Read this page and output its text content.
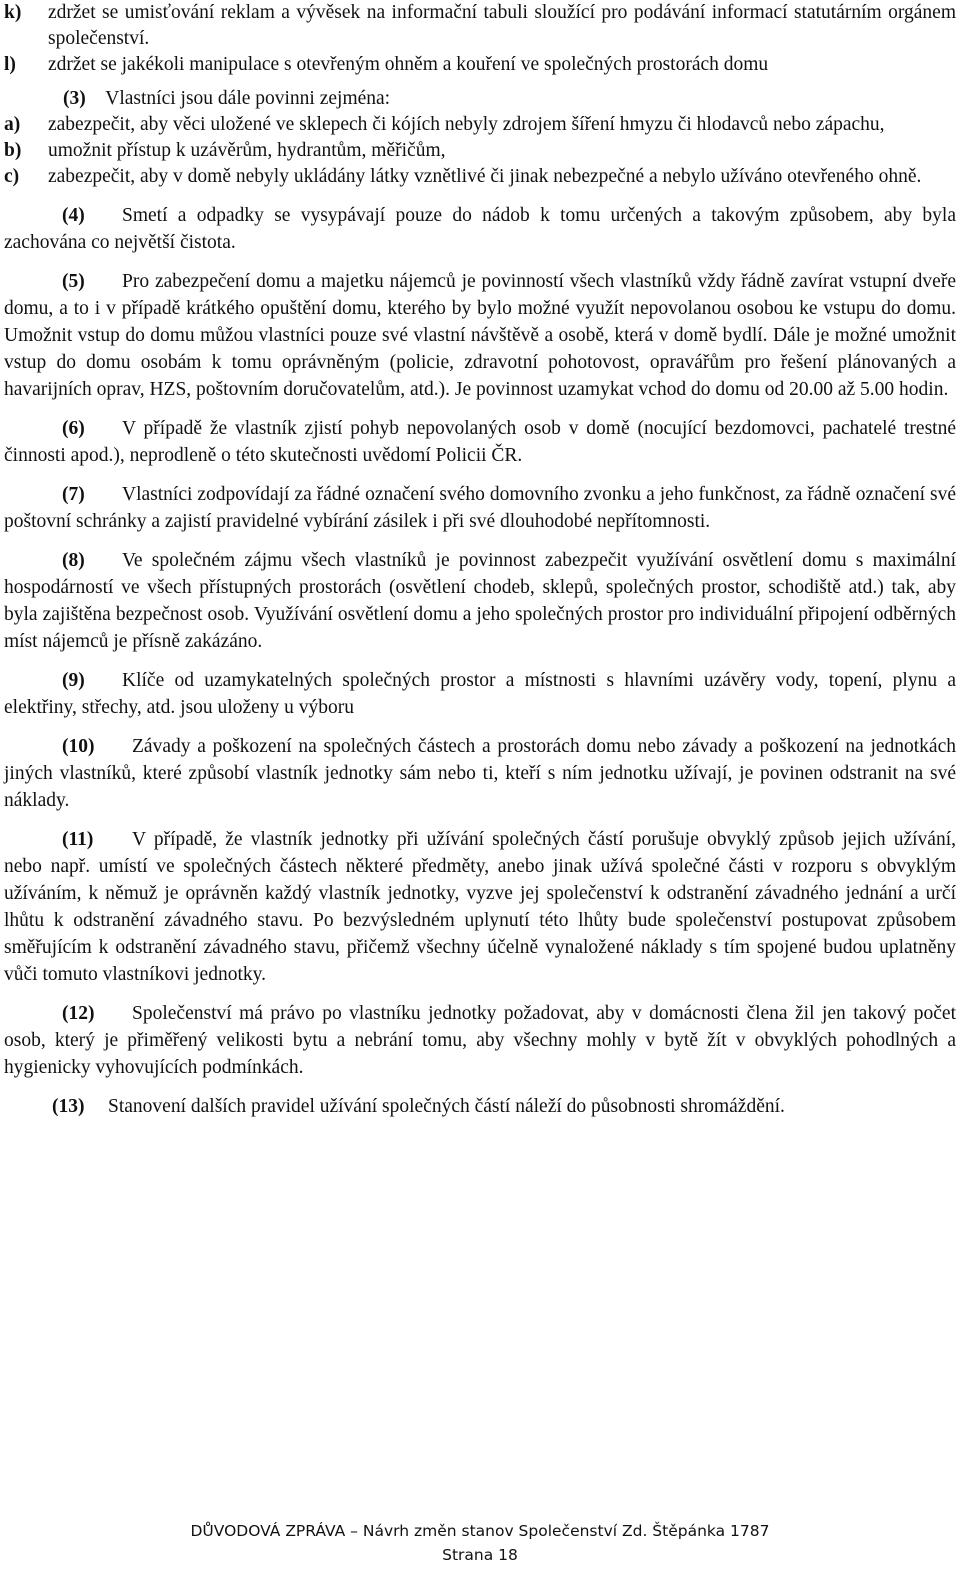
k)	zdržet se umisťování reklam a vývěsek na informační tabuli sloužící pro podávání informací statutárním orgánem společenství.
l)	zdržet se jakékoli manipulace s otevřeným ohněm a kouření ve společných prostorách domu
(3) Vlastníci jsou dále povinni zejména:
a)	zabezpečit, aby věci uložené ve sklepech či kójích nebyly zdrojem šíření hmyzu či hlodavců nebo zápachu,
b)	umožnit přístup k uzávěrům, hydrantům, měřičům,
c)	zabezpečit, aby v domě nebyly ukládány látky vznětlivé či jinak nebezpečné a nebylo užíváno otevřeného ohně.
(4) Smetí a odpadky se vysypávají pouze do nádob k tomu určených a takovým způsobem, aby byla zachována co největší čistota.
(5) Pro zabezpečení domu a majetku nájemců je povinností všech vlastníků vždy řádně zavírat vstupní dveře domu, a to i v případě krátkého opuštění domu, kterého by bylo možné využít nepovolanou osobou ke vstupu do domu. Umožnit vstup do domu můžou vlastníci pouze své vlastní návštěvě a osobě, která v domě bydlí. Dále je možné umožnit vstup do domu osobám k tomu oprávněným (policie, zdravotní pohotovost, opravářům pro řešení plánovaných a havarijních oprav, HZS, poštovním doručovatelům, atd.). Je povinnost uzamykat vchod do domu od 20.00 až 5.00 hodin.
(6) V případě že vlastník zjistí pohyb nepovolaných osob v domě (nocující bezdomovci, pachatelé trestné činnosti apod.), neprodleně o této skutečnosti uvědomí Policii ČR.
(7) Vlastníci zodpovídají za řádné označení svého domovního zvonku a jeho funkčnost, za řádně označení své poštovní schránky a zajistí pravidelné vybírání zásilek i při své dlouhodobé nepřítomnosti.
(8) Ve společném zájmu všech vlastníků je povinnost zabezpečit využívání osvětlení domu s maximální hospodárností ve všech přístupných prostorách (osvětlení chodeb, sklepů, společných prostor, schodiště atd.) tak, aby byla zajištěna bezpečnost osob. Využívání osvětlení domu a jeho společných prostor pro individuální připojení odběrných míst nájemců je přísně zakázáno.
(9) Klíče od uzamykatelných společných prostor a místnosti s hlavními uzávěry vody, topení, plynu a elektřiny, střechy, atd. jsou uloženy u výboru
(10) Závady a poškození na společných částech a prostorách domu nebo závady a poškození na jednotkách jiných vlastníků, které způsobí vlastník jednotky sám nebo ti, kteří s ním jednotku užívají, je povinen odstranit na své náklady.
(11) V případě, že vlastník jednotky při užívání společných částí porušuje obvyklý způsob jejich užívání, nebo např. umístí ve společných částech některé předměty, anebo jinak užívá společné části v rozporu s obvyklým užíváním, k němuž je oprávněn každý vlastník jednotky, vyzve jej společenství k odstranění závadného jednání a určí lhůtu k odstranění závadného stavu. Po bezvýsledném uplynutí této lhůty bude společenství postupovat způsobem směřujícím k odstranění závadného stavu, přičemž všechny účelně vynaložené náklady s tím spojené budou uplatněny vůči tomuto vlastníkovi jednotky.
(12) Společenství má právo po vlastníku jednotky požadovat, aby v domácnosti člena žil jen takový počet osob, který je přiměřený velikosti bytu a nebrání tomu, aby všechny mohly v bytě žít v obvyklých pohodlných a hygienicky vyhovujících podmínkách.
(13) Stanovení dalších pravidel užívání společných částí náleží do působnosti shromáždění.
DŮVODOVÁ ZPRÁVA – Návrh změn stanov Společenství Zd. Štěpánka 1787
Strana 18
